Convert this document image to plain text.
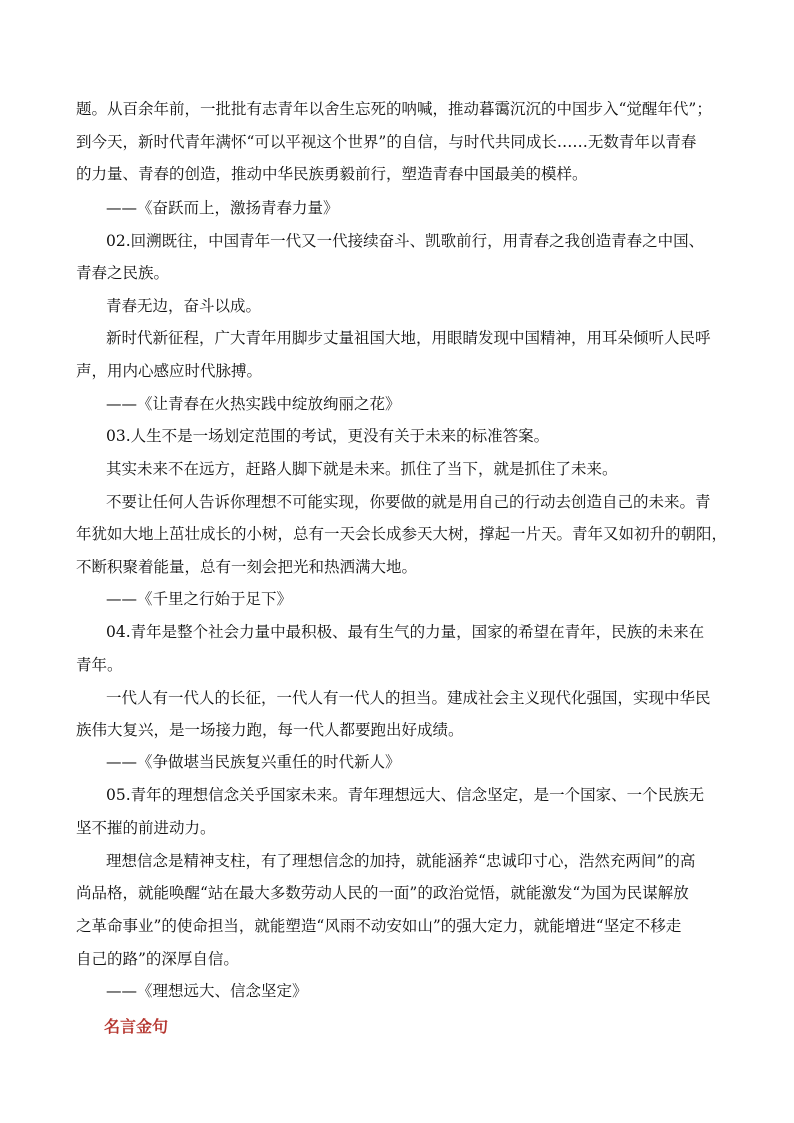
题。从百余年前，一批批有志青年以舍生忘死的呐喊，推动暮霭沉沉的中国步入“觉醒年代”；
到今天，新时代青年满怀“可以平视这个世界”的自信，与时代共同成长……无数青年以青春
的力量、青春的创造，推动中华民族勇毅前行，塑造青春中国最美的模样。
——《奋跃而上，激扬青春力量》
02.回溯既往，中国青年一代又一代接续奋斗、凯歌前行，用青春之我创造青春之中国、
青春之民族。
青春无边，奋斗以成。
新时代新征程，广大青年用脚步丈量祖国大地，用眼睛发现中国精神，用耳朵倾听人民呼
声，用内心感应时代脉搏。
——《让青春在火热实践中绽放绚丽之花》
03.人生不是一场划定范围的考试，更没有关于未来的标准答案。
其实未来不在远方，赶路人脚下就是未来。抓住了当下，就是抓住了未来。
不要让任何人告诉你理想不可能实现，你要做的就是用自己的行动去创造自己的未来。青
年犹如大地上茁壮成长的小树，总有一天会长成参天大树，撑起一片天。青年又如初升的朝阳，
不断积聚着能量，总有一刻会把光和热洒满大地。
——《千里之行始于足下》
04.青年是整个社会力量中最积极、最有生气的力量，国家的希望在青年，民族的未来在
青年。
一代人有一代人的长征，一代人有一代人的担当。建成社会主义现代化强国，实现中华民
族伟大复兴，是一场接力跑，每一代人都要跑出好成绩。
——《争做堪当民族复兴重任的时代新人》
05.青年的理想信念关乎国家未来。青年理想远大、信念坚定，是一个国家、一个民族无
坚不摧的前进动力。
理想信念是精神支柱，有了理想信念的加持，就能涵养“忠诚印寸心，浩然充两间”的高
尚品格，就能唤醒“站在最大多数劳动人民的一面”的政治觉悟，就能激发“为国为民谋解放
之革命事业”的使命担当，就能塑造“风雨不动安如山”的强大定力，就能增进“坚定不移走
自己的路”的深厚自信。
——《理想远大、信念坚定》
名言金句
